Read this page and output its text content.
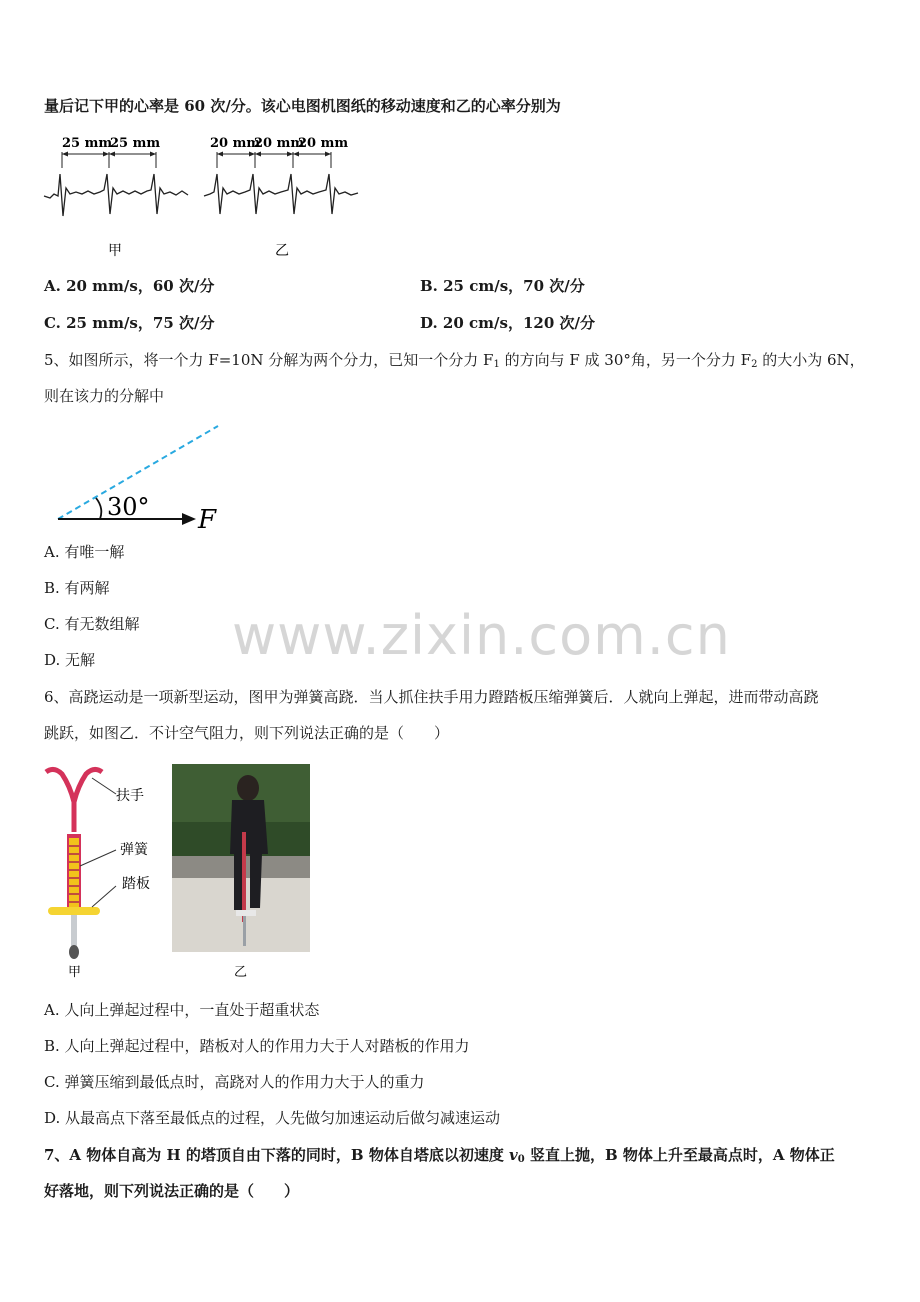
量后记下甲的心率是 60 次/分。该心电图机图纸的移动速度和乙的心率分别为
25 mm
25 mm
甲
20 mm
20 mm
20 mm
乙
A. 20 mm/s，60 次/分	B. 25 cm/s，70 次/分
C. 25 mm/s，75 次/分	D. 20 cm/s，120 次/分
5、如图所示，将一个力 F=10N 分解为两个分力，已知一个分力 $F_1$ 的方向与 F 成 30°角，另一个分力 $F_2$ 的大小为 6N，
则在该力的分解中
30° F
A. 有唯一解
B. 有两解
C. 有无数组解
D. 无解	www.zixin.com.cn
6、高跷运动是一项新型运动，图甲为弹簧高跷．当人抓住扶手用力蹬踏板压缩弹簧后．人就向上弹起，进而带动高跷
跳跃，如图乙．不计空气阻力，则下列说法正确的是（　　）
扶手
弹簧
踏板
甲	乙
A. 人向上弹起过程中，一直处于超重状态
B. 人向上弹起过程中，踏板对人的作用力大于人对踏板的作用力
C. 弹簧压缩到最低点时，高跷对人的作用力大于人的重力
D. 从最高点下落至最低点的过程，人先做匀加速运动后做匀减速运动
7、A 物体自高为 H 的塔顶自由下落的同时，B 物体自塔底以初速度 $v_0$ 竖直上抛，B 物体上升至最高点时，A 物体正
好落地，则下列说法正确的是（　　）
